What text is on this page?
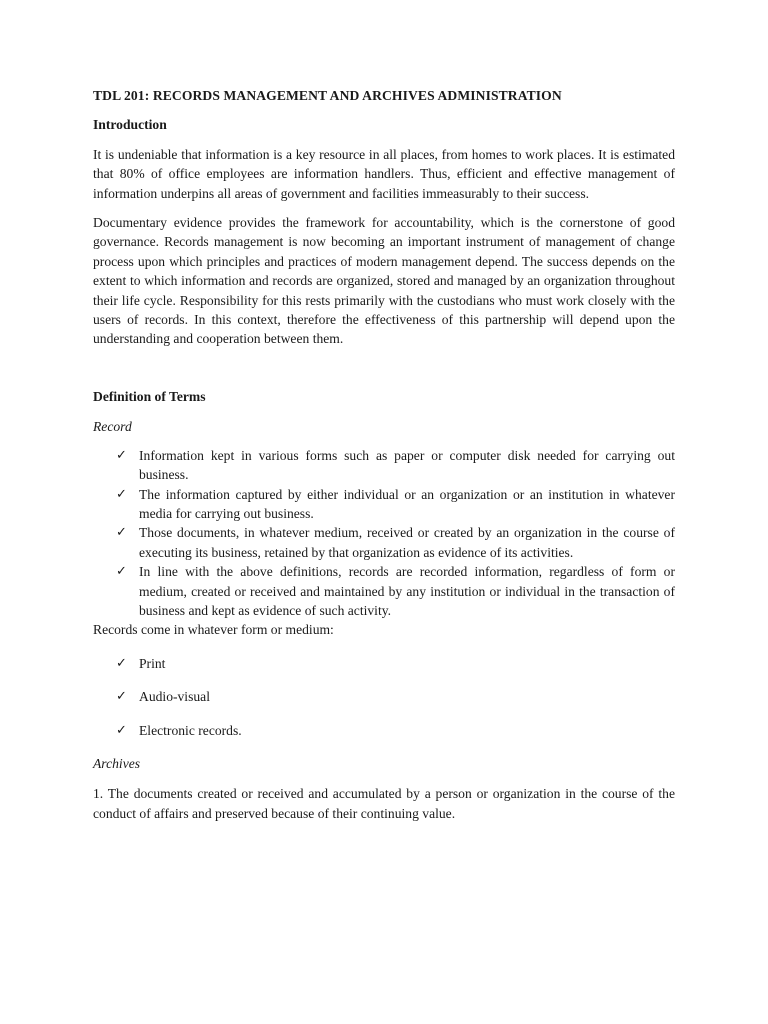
TDL 201: RECORDS MANAGEMENT AND ARCHIVES ADMINISTRATION
Introduction

It is undeniable that information is a key resource in all places, from homes to work places. It is estimated that 80% of office employees are information handlers. Thus, efficient and effective management of information underpins all areas of government and facilities immeasurably to their success.

Documentary evidence provides the framework for accountability, which is the cornerstone of good governance. Records management is now becoming an important instrument of management of change process upon which principles and practices of modern management depend. The success depends on the extent to which information and records are organized, stored and managed by an organization throughout their life cycle. Responsibility for this rests primarily with the custodians who must work closely with the users of records. In this context, therefore the effectiveness of this partnership will depend upon the understanding and cooperation between them.

Definition of Terms
Record
✓ Information kept in various forms such as paper or computer disk needed for carrying out business.
✓ The information captured by either individual or an organization or an institution in whatever media for carrying out business.
✓ Those documents, in whatever medium, received or created by an organization in the course of executing its business, retained by that organization as evidence of its activities.
✓ In line with the above definitions, records are recorded information, regardless of form or medium, created or received and maintained by any institution or individual in the transaction of business and kept as evidence of such activity.

Records come in whatever form or medium:

✓ Print
✓ Audio-visual
✓ Electronic records.
Archives

1. The documents created or received and accumulated by a person or organization in the course of the conduct of affairs and preserved because of their continuing value.
